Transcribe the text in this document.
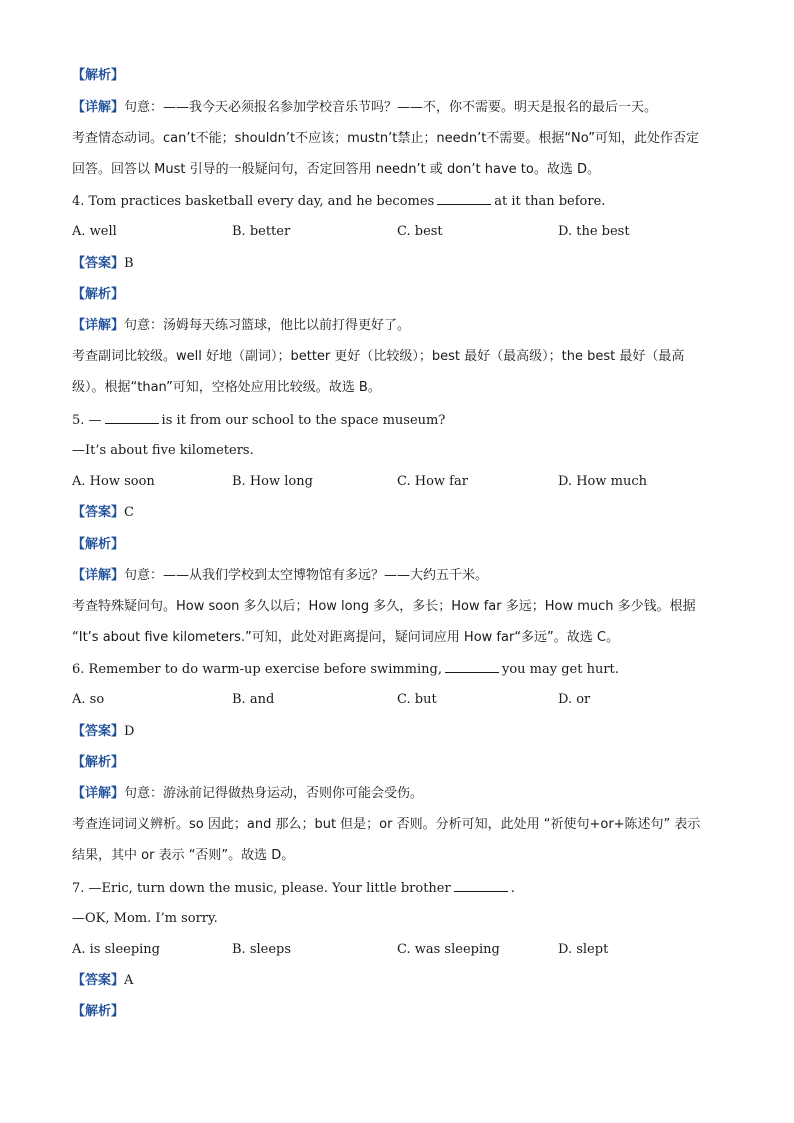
【解析】
【详解】句意：——我今天必须报名参加学校音乐节吗？——不，你不需要。明天是报名的最后一天。
考查情态动词。can’t不能；shouldn’t不应该；mustn’t禁止；needn’t不需要。根据“No”可知，此处作否定
回答。回答以 Must 引导的一般疑问句，否定回答用 needn’t 或 don’t have to。故选 D。
4. Tom practices basketball every day, and he becomes	at it than before.
A. well	B. better	C. best	D. the best
【答案】B
【解析】
【详解】句意：汤姆每天练习篮球，他比以前打得更好了。
考查副词比较级。well 好地（副词）；better 更好（比较级）；best 最好（最高级）；the best 最好（最高
级）。根据“than”可知，空格处应用比较级。故选 B。
5. —	is it from our school to the space museum?
—It’s about five kilometers.
A. How soon	B. How long	C. How far	D. How much
【答案】C
【解析】
【详解】句意：——从我们学校到太空博物馆有多远？——大约五千米。
考查特殊疑问句。How soon 多久以后；How long 多久，多长；How far 多远；How much 多少钱。根据
“It’s about five kilometers.”可知，此处对距离提问，疑问词应用 How far“多远”。故选 C。
6. Remember to do warm-up exercise before swimming,	you may get hurt.
A. so	B. and	C. but	D. or
【答案】D
【解析】
【详解】句意：游泳前记得做热身运动，否则你可能会受伤。
考查连词词义辨析。so 因此；and 那么；but 但是；or 否则。分析可知，此处用 “祈使句+or+陈述句” 表示
结果，其中 or 表示 “否则”。故选 D。
7. —Eric, turn down the music, please. Your little brother	.
—OK, Mom. I’m sorry.
A. is sleeping	B. sleeps	C. was sleeping	D. slept
【答案】A
【解析】
